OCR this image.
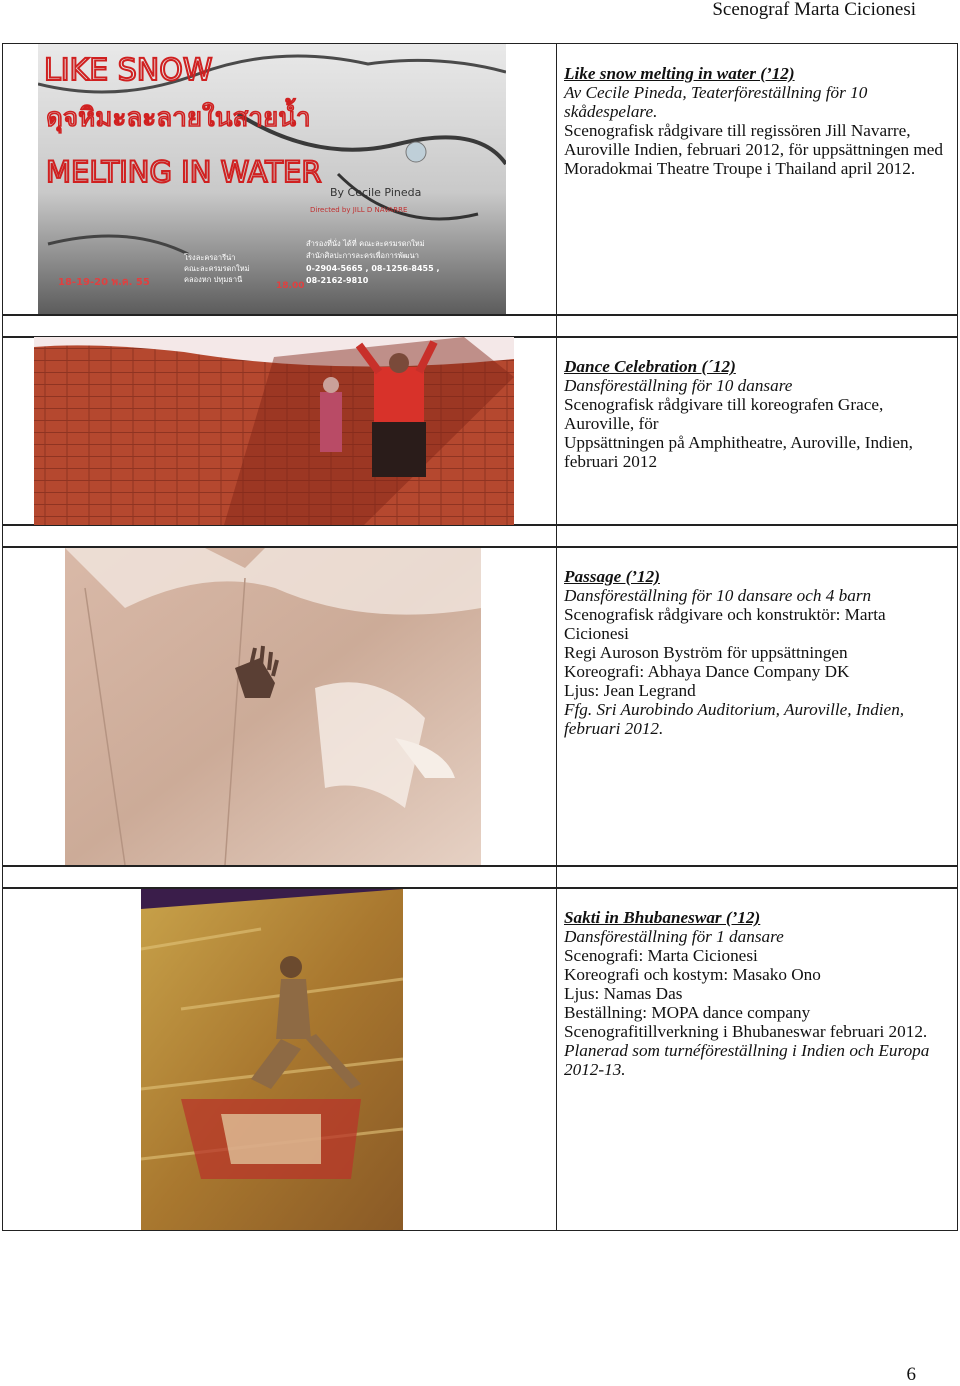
Scenograf Marta Cicionesi
LIKE SNOW
ดุจหิมะละลายในสายน้ำ
MELTING IN WATER
By Cecile Pineda
Directed by JILL D NAVARRE
โรงละครอารีน่า
คณะละครมรดกใหม่
คลองหก ปทุมธานี
18-19-20 พ.ค. 55	18.00
สำรองที่นั่ง ได้ที่ คณะละครมรดกใหม่
สำนักศิลปะการละครเพื่อการพัฒนา
0-2904-5665 , 08-1256-8455 ,
08-2162-9810

Like snow melting in water (’12)

Av Cecile Pineda, Teaterföreställning för 10 skådespelare.

Scenografisk rådgivare till regissören Jill Navarre, Auroville Indien, februari 2012, för uppsättningen med Moradokmai Theatre Troupe i Thailand april 2012.

Dance Celebration (´12)

Dansföreställning för 10 dansare

Scenografisk rådgivare till koreografen Grace, Auroville, för

Uppsättningen på Amphitheatre, Auroville, Indien, februari 2012

Passage (’12)

Dansföreställning för 10 dansare och 4 barn

Scenografisk rådgivare och konstruktör: Marta Cicionesi

Regi Auroson Byström för uppsättningen

Koreografi: Abhaya Dance Company DK

Ljus: Jean Legrand

Ffg. Sri Aurobindo Auditorium, Auroville, Indien, februari 2012.

Sakti in Bhubaneswar (’12)

Dansföreställning för 1 dansare

Scenografi: Marta Cicionesi

Koreografi och kostym: Masako Ono

Ljus: Namas Das

Beställning: MOPA dance company

Scenografitillverkning i Bhubaneswar februari 2012.

Planerad som turnéföreställning i Indien och Europa 2012-13.

6
